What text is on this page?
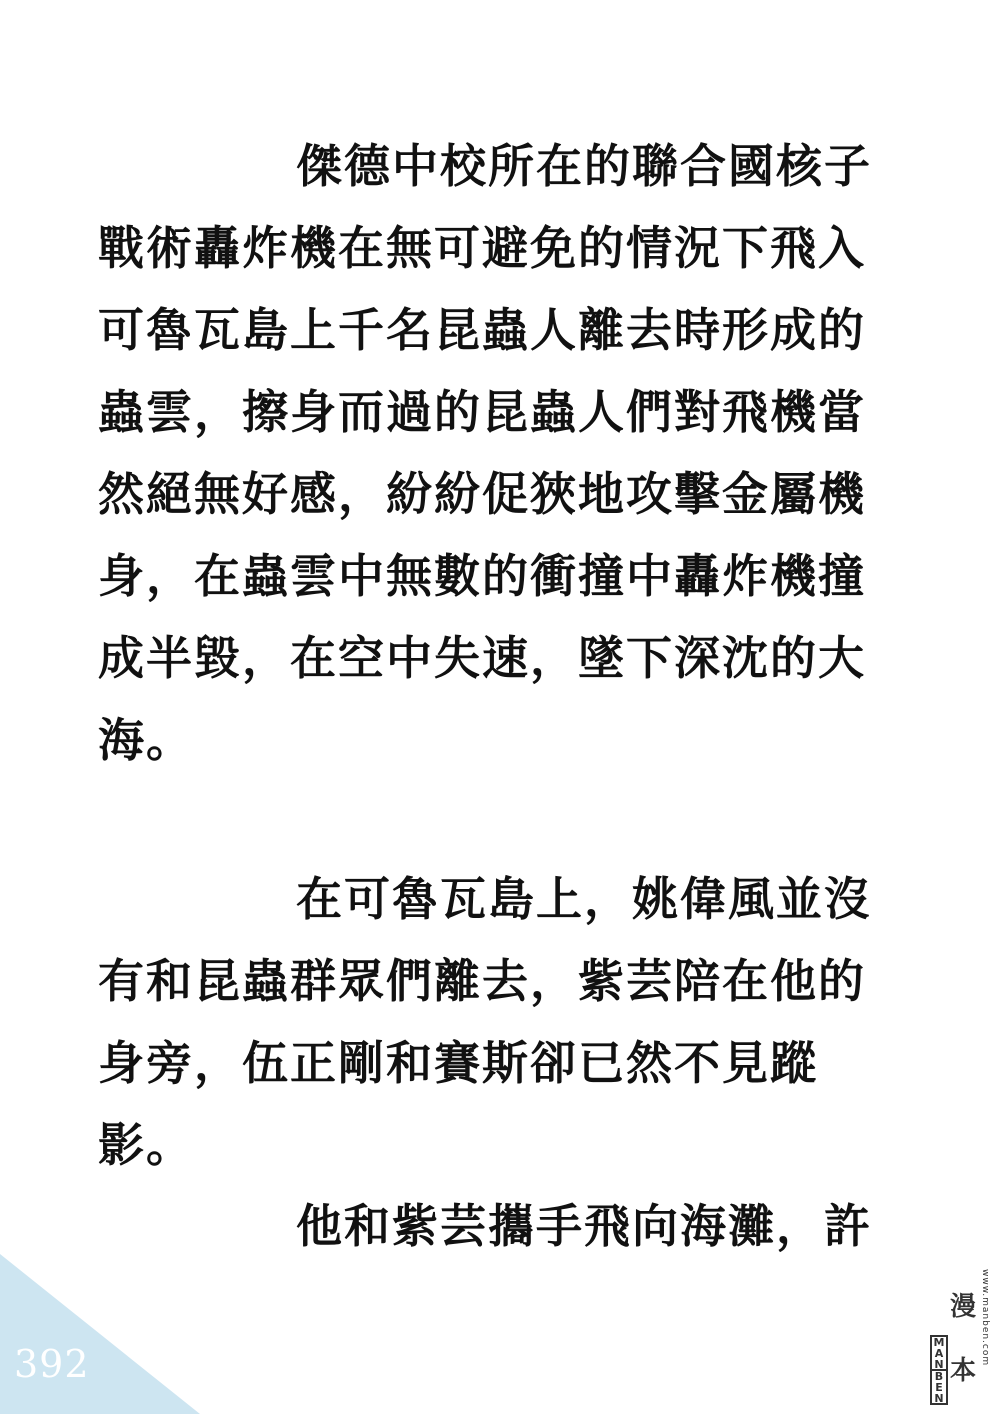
傑德中校所在的聯合國核子
戰術轟炸機在無可避免的情況下飛入
可魯瓦島上千名昆蟲人離去時形成的
蟲雲，擦身而過的昆蟲人們對飛機當
然絕無好感，紛紛促狹地攻擊金屬機
身，在蟲雲中無數的衝撞中轟炸機撞
成半毀，在空中失速，墜下深沈的大
海。
在可魯瓦島上，姚偉風並沒
有和昆蟲群眾們離去，紫芸陪在他的
身旁，伍正剛和賽斯卻已然不見蹤
影。
他和紫芸攜手飛向海灘，許
392	MAN
BEN
漫本
www.manben.com
